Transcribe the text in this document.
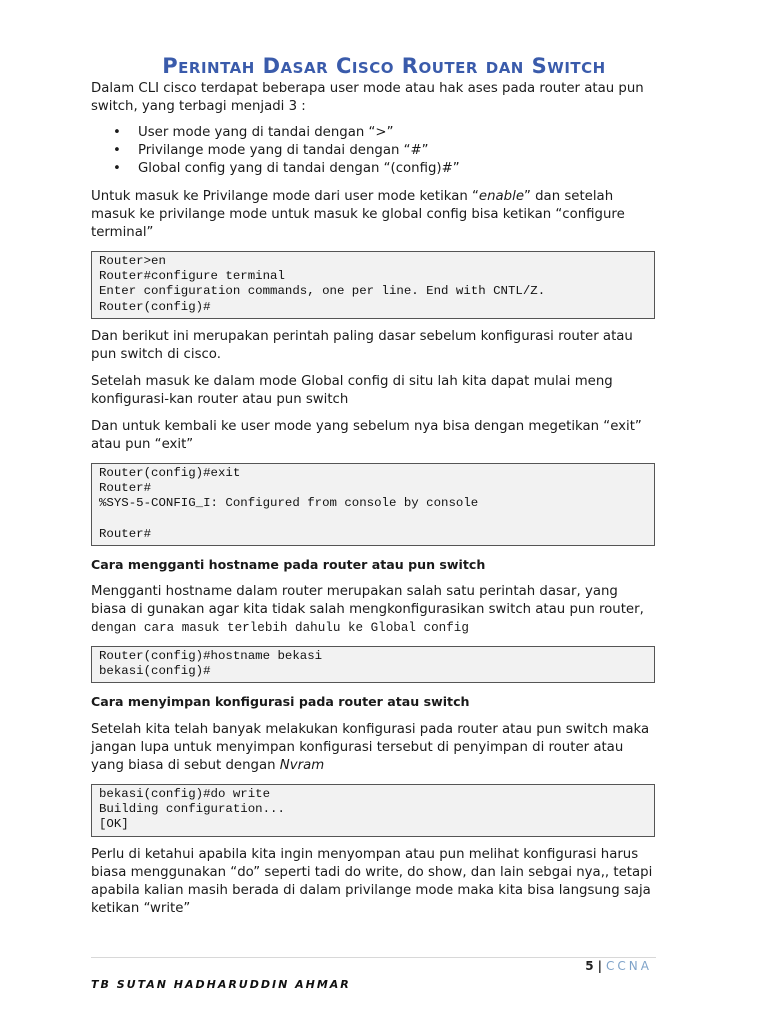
Perintah Dasar Cisco Router dan Switch

Dalam CLI cisco terdapat beberapa user mode atau hak ases pada router atau pun switch, yang terbagi menjadi 3 :

• User mode yang di tandai dengan “>”
• Privilange mode yang di tandai dengan “#”
• Global config yang di tandai dengan “(config)#”

Untuk masuk ke Privilange mode dari user mode ketikan “enable” dan setelah masuk ke privilange mode untuk masuk ke global config bisa ketikan “configure terminal”

Router>en
Router#configure terminal
Enter configuration commands, one per line. End with CNTL/Z.
Router(config)#

Dan berikut ini merupakan perintah paling dasar sebelum konfigurasi router atau pun switch di cisco.

Setelah masuk ke dalam mode Global config di situ lah kita dapat mulai meng konfigurasi-kan router atau pun switch

Dan untuk kembali ke user mode yang sebelum nya bisa dengan megetikan “exit” atau pun “exit”

Router(config)#exit
Router#
%SYS-5-CONFIG_I: Configured from console by console

Router#

Cara mengganti hostname pada router atau pun switch

Mengganti hostname dalam router merupakan salah satu perintah dasar, yang biasa di gunakan agar kita tidak salah mengkonfigurasikan switch atau pun router, dengan cara masuk terlebih dahulu ke Global config

Router(config)#hostname bekasi
bekasi(config)#

Cara menyimpan konfigurasi pada router atau switch

Setelah kita telah banyak melakukan konfigurasi pada router atau pun switch maka jangan lupa untuk menyimpan konfigurasi tersebut di penyimpan di router atau yang biasa di sebut dengan Nvram

bekasi(config)#do write
Building configuration...
[OK]

Perlu di ketahui apabila kita ingin menyompan atau pun melihat konfigurasi harus biasa menggunakan “do” seperti tadi do write, do show, dan lain sebgai nya,, tetapi apabila kalian masih berada di dalam privilange mode maka kita bisa langsung saja ketikan “write”

5 | CCNA
TB SUTAN HADHARUDDIN AHMAR
